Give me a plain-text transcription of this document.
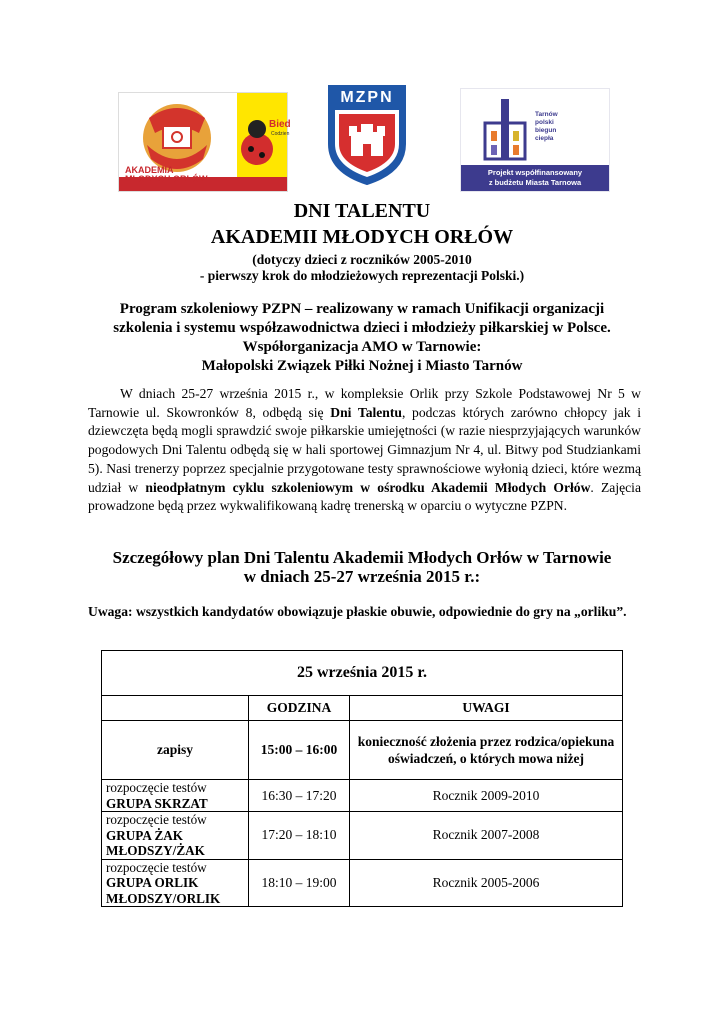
AKADEMIA
MŁODYCH ORŁÓW
Bied
Codzien
MZPN
Tarnów
polski
biegun
ciepła
Projekt współfinansowany
z budżetu Miasta Tarnowa
DNI TALENTU
AKADEMII MŁODYCH ORŁÓW
(dotyczy dzieci z roczników 2005-2010
- pierwszy krok do młodzieżowych reprezentacji Polski.)
Program szkoleniowy PZPN – realizowany w ramach Unifikacji organizacji
szkolenia i systemu współzawodnictwa dzieci i młodzieży piłkarskiej w Polsce.
Współorganizacja AMO w Tarnowie:
Małopolski Związek Piłki Nożnej i Miasto Tarnów
W dniach 25-27 września 2015 r., w kompleksie Orlik przy Szkole Podstawowej Nr 5 w Tarnowie ul. Skowronków 8, odbędą się Dni Talentu, podczas których zarówno chłopcy jak i dziewczęta będą mogli sprawdzić swoje piłkarskie umiejętności (w razie niesprzyjających warunków pogodowych Dni Talentu odbędą się w hali sportowej Gimnazjum Nr 4, ul. Bitwy pod Studziankami 5). Nasi trenerzy poprzez specjalnie przygotowane testy sprawnościowe wyłonią dzieci, które wezmą udział w nieodpłatnym cyklu szkoleniowym w ośrodku Akademii Młodych Orłów. Zajęcia prowadzone będą przez wykwalifikowaną kadrę trenerską w oparciu o wytyczne PZPN.
Szczegółowy plan Dni Talentu Akademii Młodych Orłów w Tarnowie
w dniach 25-27 września 2015 r.:
Uwaga: wszystkich kandydatów obowiązuje płaskie obuwie, odpowiednie do gry na „orliku”.
25 września 2015 r.		
	GODZINA	UWAGI
zapisy	15:00 – 16:00	konieczność złożenia przez rodzica/opiekuna oświadczeń, o których mowa niżej
rozpoczęcie testów
GRUPA SKRZAT	16:30 – 17:20	Rocznik 2009-2010
rozpoczęcie testów
GRUPA ŻAK MŁODSZY/ŻAK	17:20 – 18:10	Rocznik 2007-2008
rozpoczęcie testów
GRUPA ORLIK MŁODSZY/ORLIK	18:10 – 19:00	Rocznik 2005-2006
